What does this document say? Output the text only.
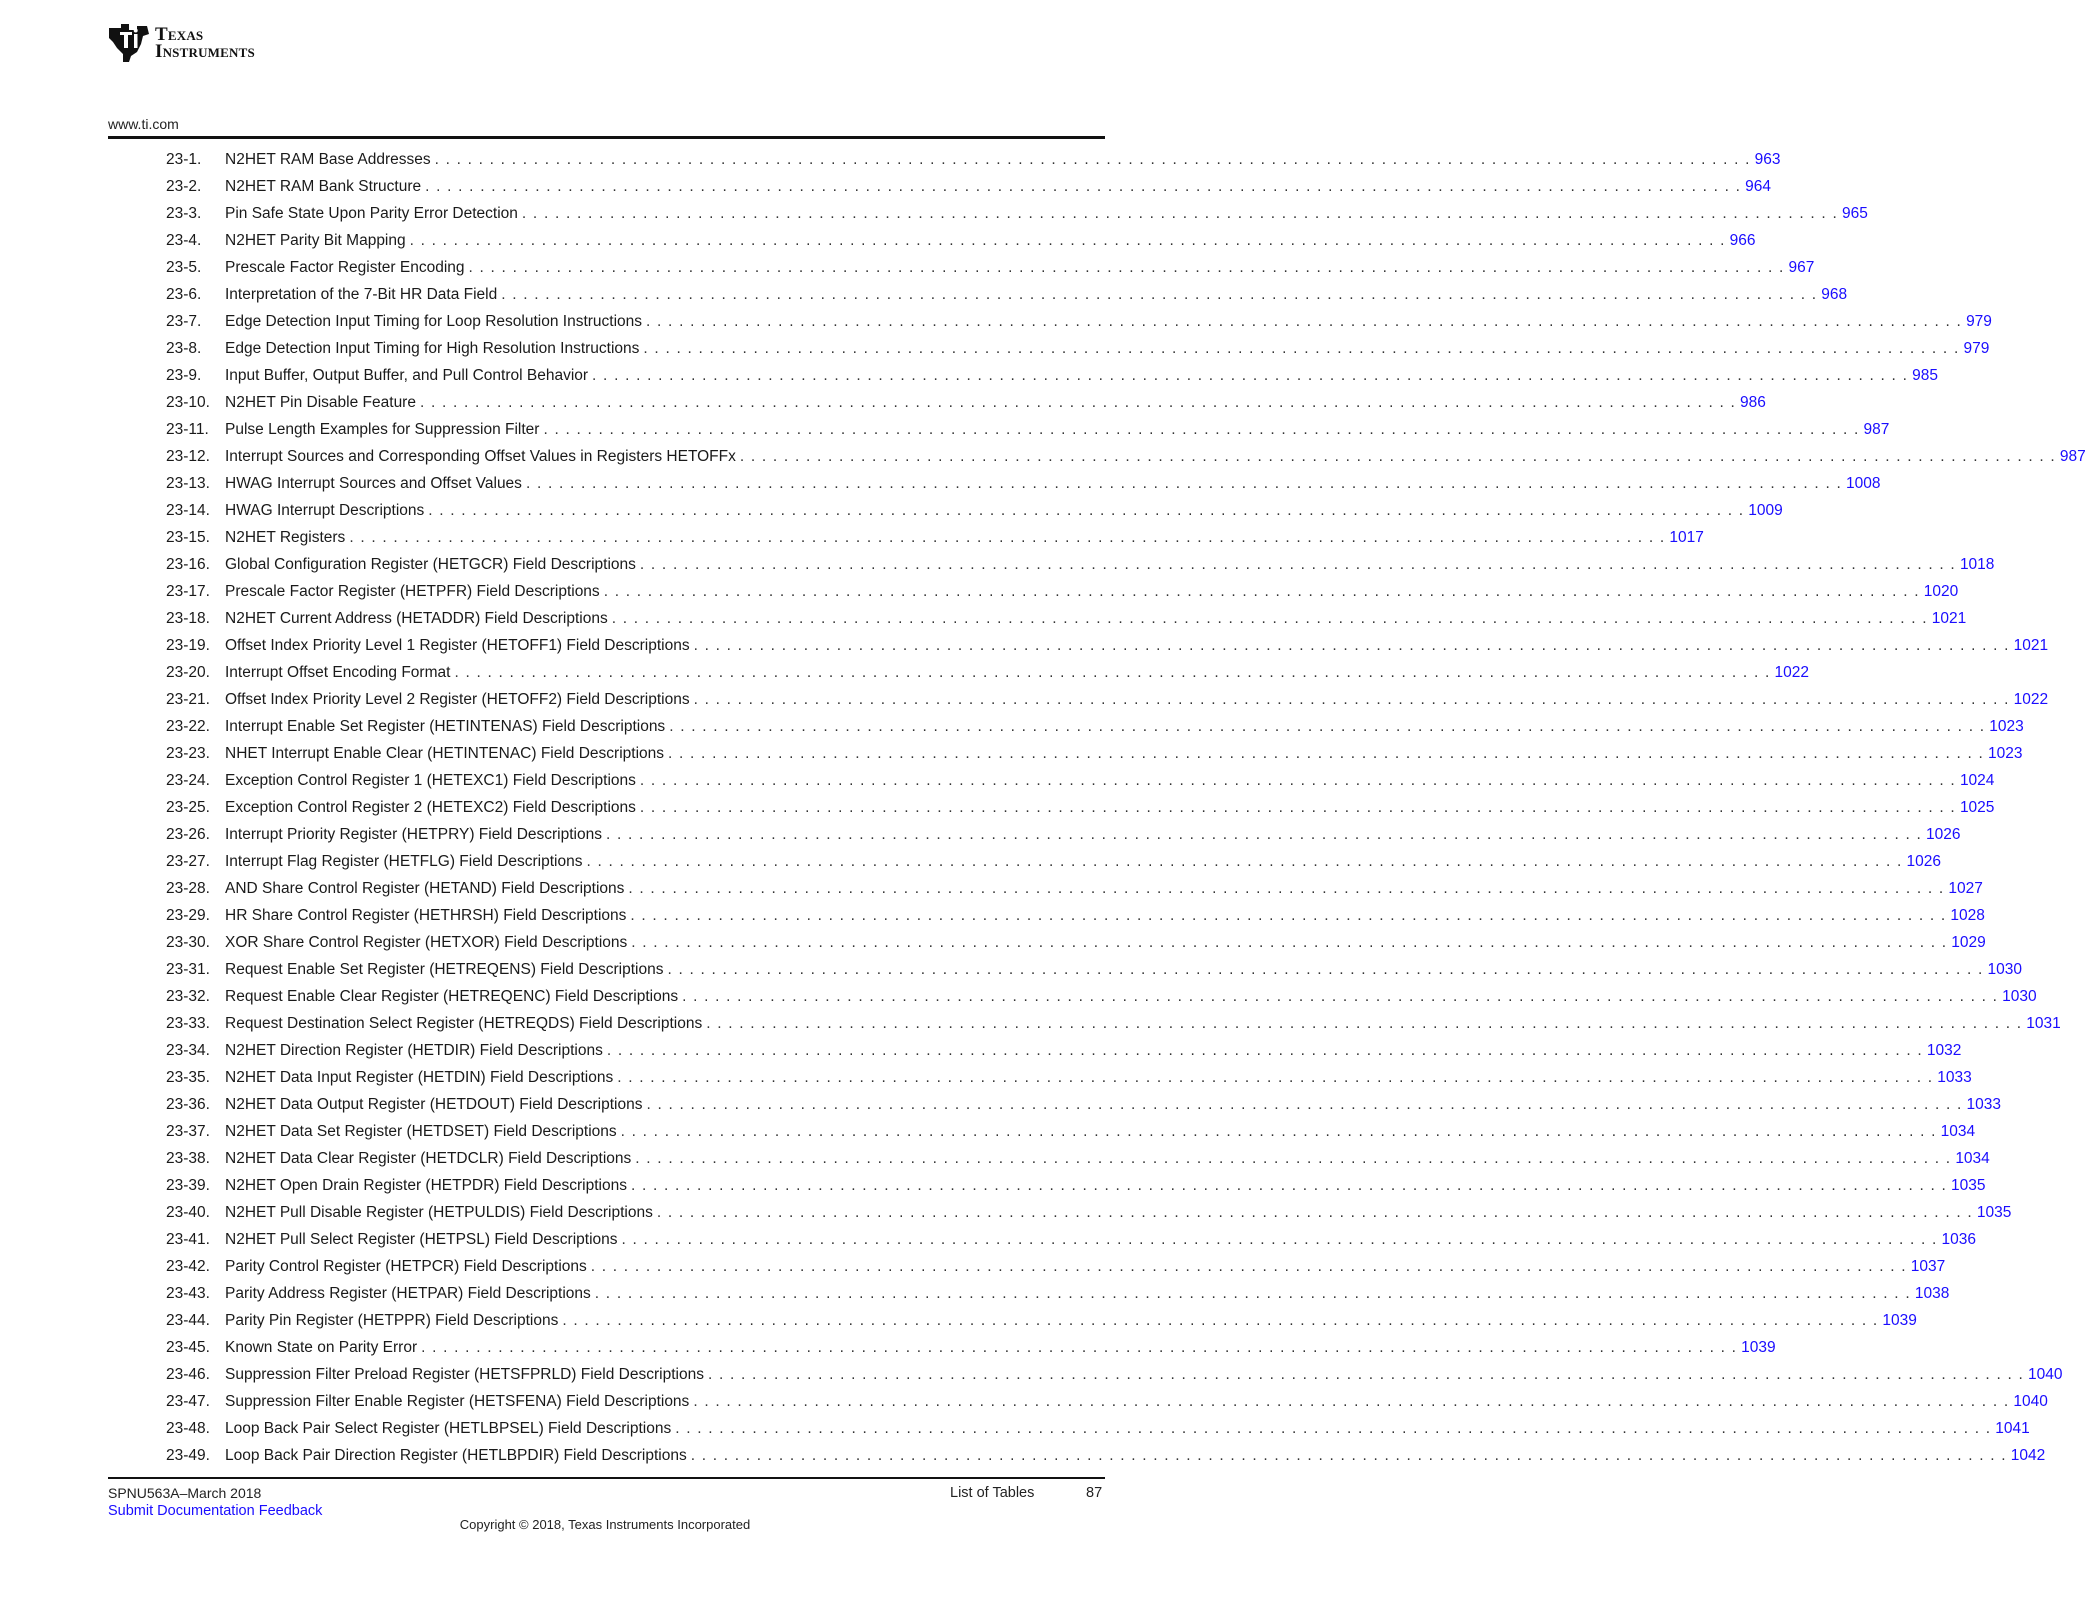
Texas
Instruments
www.ti.com
23-1.	N2HET RAM Base Addresses . . . . . . . . . . . . . . . . . . . . . . . . . . . . . . . . . . . . . . . . . . . . . . . . . . . . . . . . . . . . . . . . . . . . . . . . . . . . . . . . . . . . . . . . . . . . . . . . . . . . . . . . . . . . . . . . . . . . . . . . 963
23-2.	N2HET RAM Bank Structure . . . . . . . . . . . . . . . . . . . . . . . . . . . . . . . . . . . . . . . . . . . . . . . . . . . . . . . . . . . . . . . . . . . . . . . . . . . . . . . . . . . . . . . . . . . . . . . . . . . . . . . . . . . . . . . . . . . . . . . . 964
23-3.	Pin Safe State Upon Parity Error Detection . . . . . . . . . . . . . . . . . . . . . . . . . . . . . . . . . . . . . . . . . . . . . . . . . . . . . . . . . . . . . . . . . . . . . . . . . . . . . . . . . . . . . . . . . . . . . . . . . . . . . . . . . . . . . . . . . . . . . . . . 965
23-4.	N2HET Parity Bit Mapping . . . . . . . . . . . . . . . . . . . . . . . . . . . . . . . . . . . . . . . . . . . . . . . . . . . . . . . . . . . . . . . . . . . . . . . . . . . . . . . . . . . . . . . . . . . . . . . . . . . . . . . . . . . . . . . . . . . . . . . . 966
23-5.	Prescale Factor Register Encoding . . . . . . . . . . . . . . . . . . . . . . . . . . . . . . . . . . . . . . . . . . . . . . . . . . . . . . . . . . . . . . . . . . . . . . . . . . . . . . . . . . . . . . . . . . . . . . . . . . . . . . . . . . . . . . . . . . . . . . . . 967
23-6.	Interpretation of the 7-Bit HR Data Field . . . . . . . . . . . . . . . . . . . . . . . . . . . . . . . . . . . . . . . . . . . . . . . . . . . . . . . . . . . . . . . . . . . . . . . . . . . . . . . . . . . . . . . . . . . . . . . . . . . . . . . . . . . . . . . . . . . . . . . . 968
23-7.	Edge Detection Input Timing for Loop Resolution Instructions . . . . . . . . . . . . . . . . . . . . . . . . . . . . . . . . . . . . . . . . . . . . . . . . . . . . . . . . . . . . . . . . . . . . . . . . . . . . . . . . . . . . . . . . . . . . . . . . . . . . . . . . . . . . . . . . . . . . . . . . 979
23-8.	Edge Detection Input Timing for High Resolution Instructions . . . . . . . . . . . . . . . . . . . . . . . . . . . . . . . . . . . . . . . . . . . . . . . . . . . . . . . . . . . . . . . . . . . . . . . . . . . . . . . . . . . . . . . . . . . . . . . . . . . . . . . . . . . . . . . . . . . . . . . . 979
23-9.	Input Buffer, Output Buffer, and Pull Control Behavior . . . . . . . . . . . . . . . . . . . . . . . . . . . . . . . . . . . . . . . . . . . . . . . . . . . . . . . . . . . . . . . . . . . . . . . . . . . . . . . . . . . . . . . . . . . . . . . . . . . . . . . . . . . . . . . . . . . . . . . . 985
23-10. N2HET Pin Disable Feature . . . . . . . . . . . . . . . . . . . . . . . . . . . . . . . . . . . . . . . . . . . . . . . . . . . . . . . . . . . . . . . . . . . . . . . . . . . . . . . . . . . . . . . . . . . . . . . . . . . . . . . . . . . . . . . . . . . . . . . . 986
23-11.	Pulse Length Examples for Suppression Filter . . . . . . . . . . . . . . . . . . . . . . . . . . . . . . . . . . . . . . . . . . . . . . . . . . . . . . . . . . . . . . . . . . . . . . . . . . . . . . . . . . . . . . . . . . . . . . . . . . . . . . . . . . . . . . . . . . . . . . . . 987
23-12. Interrupt Sources and Corresponding Offset Values in Registers HETOFFx . . . . . . . . . . . . . . . . . . . . . . . . . . . . . . . . . . . . . . . . . . . . . . . . . . . . . . . . . . . . . . . . . . . . . . . . . . . . . . . . . . . . . . . . . . . . . . . . . . . . . . . . . . . . . . . . . . . . . . . . 987
23-13. HWAG Interrupt Sources and Offset Values . . . . . . . . . . . . . . . . . . . . . . . . . . . . . . . . . . . . . . . . . . . . . . . . . . . . . . . . . . . . . . . . . . . . . . . . . . . . . . . . . . . . . . . . . . . . . . . . . . . . . . . . . . . . . . . . . . . . . . . . 1008
23-14. HWAG Interrupt Descriptions . . . . . . . . . . . . . . . . . . . . . . . . . . . . . . . . . . . . . . . . . . . . . . . . . . . . . . . . . . . . . . . . . . . . . . . . . . . . . . . . . . . . . . . . . . . . . . . . . . . . . . . . . . . . . . . . . . . . . . . . 1009
23-15. N2HET Registers . . . . . . . . . . . . . . . . . . . . . . . . . . . . . . . . . . . . . . . . . . . . . . . . . . . . . . . . . . . . . . . . . . . . . . . . . . . . . . . . . . . . . . . . . . . . . . . . . . . . . . . . . . . . . . . . . . . . . . . . 1017
23-16. Global Configuration Register (HETGCR) Field Descriptions . . . . . . . . . . . . . . . . . . . . . . . . . . . . . . . . . . . . . . . . . . . . . . . . . . . . . . . . . . . . . . . . . . . . . . . . . . . . . . . . . . . . . . . . . . . . . . . . . . . . . . . . . . . . . . . . . . . . . . . . 1018
23-17. Prescale Factor Register (HETPFR) Field Descriptions . . . . . . . . . . . . . . . . . . . . . . . . . . . . . . . . . . . . . . . . . . . . . . . . . . . . . . . . . . . . . . . . . . . . . . . . . . . . . . . . . . . . . . . . . . . . . . . . . . . . . . . . . . . . . . . . . . . . . . . . 1020
23-18. N2HET Current Address (HETADDR) Field Descriptions . . . . . . . . . . . . . . . . . . . . . . . . . . . . . . . . . . . . . . . . . . . . . . . . . . . . . . . . . . . . . . . . . . . . . . . . . . . . . . . . . . . . . . . . . . . . . . . . . . . . . . . . . . . . . . . . . . . . . . . . 1021
23-19. Offset Index Priority Level 1 Register (HETOFF1) Field Descriptions . . . . . . . . . . . . . . . . . . . . . . . . . . . . . . . . . . . . . . . . . . . . . . . . . . . . . . . . . . . . . . . . . . . . . . . . . . . . . . . . . . . . . . . . . . . . . . . . . . . . . . . . . . . . . . . . . . . . . . . . 1021
23-20. Interrupt Offset Encoding Format . . . . . . . . . . . . . . . . . . . . . . . . . . . . . . . . . . . . . . . . . . . . . . . . . . . . . . . . . . . . . . . . . . . . . . . . . . . . . . . . . . . . . . . . . . . . . . . . . . . . . . . . . . . . . . . . . . . . . . . . 1022
23-21. Offset Index Priority Level 2 Register (HETOFF2) Field Descriptions . . . . . . . . . . . . . . . . . . . . . . . . . . . . . . . . . . . . . . . . . . . . . . . . . . . . . . . . . . . . . . . . . . . . . . . . . . . . . . . . . . . . . . . . . . . . . . . . . . . . . . . . . . . . . . . . . . . . . . . . 1022
23-22. Interrupt Enable Set Register (HETINTENAS) Field Descriptions . . . . . . . . . . . . . . . . . . . . . . . . . . . . . . . . . . . . . . . . . . . . . . . . . . . . . . . . . . . . . . . . . . . . . . . . . . . . . . . . . . . . . . . . . . . . . . . . . . . . . . . . . . . . . . . . . . . . . . . . 1023
23-23. NHET Interrupt Enable Clear (HETINTENAC) Field Descriptions . . . . . . . . . . . . . . . . . . . . . . . . . . . . . . . . . . . . . . . . . . . . . . . . . . . . . . . . . . . . . . . . . . . . . . . . . . . . . . . . . . . . . . . . . . . . . . . . . . . . . . . . . . . . . . . . . . . . . . . . 1023
23-24. Exception Control Register 1 (HETEXC1) Field Descriptions . . . . . . . . . . . . . . . . . . . . . . . . . . . . . . . . . . . . . . . . . . . . . . . . . . . . . . . . . . . . . . . . . . . . . . . . . . . . . . . . . . . . . . . . . . . . . . . . . . . . . . . . . . . . . . . . . . . . . . . . 1024
23-25. Exception Control Register 2 (HETEXC2) Field Descriptions . . . . . . . . . . . . . . . . . . . . . . . . . . . . . . . . . . . . . . . . . . . . . . . . . . . . . . . . . . . . . . . . . . . . . . . . . . . . . . . . . . . . . . . . . . . . . . . . . . . . . . . . . . . . . . . . . . . . . . . . 1025
23-26. Interrupt Priority Register (HETPRY) Field Descriptions . . . . . . . . . . . . . . . . . . . . . . . . . . . . . . . . . . . . . . . . . . . . . . . . . . . . . . . . . . . . . . . . . . . . . . . . . . . . . . . . . . . . . . . . . . . . . . . . . . . . . . . . . . . . . . . . . . . . . . . . 1026
23-27. Interrupt Flag Register (HETFLG) Field Descriptions . . . . . . . . . . . . . . . . . . . . . . . . . . . . . . . . . . . . . . . . . . . . . . . . . . . . . . . . . . . . . . . . . . . . . . . . . . . . . . . . . . . . . . . . . . . . . . . . . . . . . . . . . . . . . . . . . . . . . . . . 1026
23-28. AND Share Control Register (HETAND) Field Descriptions . . . . . . . . . . . . . . . . . . . . . . . . . . . . . . . . . . . . . . . . . . . . . . . . . . . . . . . . . . . . . . . . . . . . . . . . . . . . . . . . . . . . . . . . . . . . . . . . . . . . . . . . . . . . . . . . . . . . . . . . 1027
23-29. HR Share Control Register (HETHRSH) Field Descriptions . . . . . . . . . . . . . . . . . . . . . . . . . . . . . . . . . . . . . . . . . . . . . . . . . . . . . . . . . . . . . . . . . . . . . . . . . . . . . . . . . . . . . . . . . . . . . . . . . . . . . . . . . . . . . . . . . . . . . . . . 1028
23-30. XOR Share Control Register (HETXOR) Field Descriptions . . . . . . . . . . . . . . . . . . . . . . . . . . . . . . . . . . . . . . . . . . . . . . . . . . . . . . . . . . . . . . . . . . . . . . . . . . . . . . . . . . . . . . . . . . . . . . . . . . . . . . . . . . . . . . . . . . . . . . . . 1029
23-31. Request Enable Set Register (HETREQENS) Field Descriptions . . . . . . . . . . . . . . . . . . . . . . . . . . . . . . . . . . . . . . . . . . . . . . . . . . . . . . . . . . . . . . . . . . . . . . . . . . . . . . . . . . . . . . . . . . . . . . . . . . . . . . . . . . . . . . . . . . . . . . . . 1030
23-32. Request Enable Clear Register (HETREQENC) Field Descriptions . . . . . . . . . . . . . . . . . . . . . . . . . . . . . . . . . . . . . . . . . . . . . . . . . . . . . . . . . . . . . . . . . . . . . . . . . . . . . . . . . . . . . . . . . . . . . . . . . . . . . . . . . . . . . . . . . . . . . . . . 1030
23-33. Request Destination Select Register (HETREQDS) Field Descriptions . . . . . . . . . . . . . . . . . . . . . . . . . . . . . . . . . . . . . . . . . . . . . . . . . . . . . . . . . . . . . . . . . . . . . . . . . . . . . . . . . . . . . . . . . . . . . . . . . . . . . . . . . . . . . . . . . . . . . . . . 1031
23-34. N2HET Direction Register (HETDIR) Field Descriptions . . . . . . . . . . . . . . . . . . . . . . . . . . . . . . . . . . . . . . . . . . . . . . . . . . . . . . . . . . . . . . . . . . . . . . . . . . . . . . . . . . . . . . . . . . . . . . . . . . . . . . . . . . . . . . . . . . . . . . . . 1032
23-35. N2HET Data Input Register (HETDIN) Field Descriptions . . . . . . . . . . . . . . . . . . . . . . . . . . . . . . . . . . . . . . . . . . . . . . . . . . . . . . . . . . . . . . . . . . . . . . . . . . . . . . . . . . . . . . . . . . . . . . . . . . . . . . . . . . . . . . . . . . . . . . . . 1033
23-36. N2HET Data Output Register (HETDOUT) Field Descriptions . . . . . . . . . . . . . . . . . . . . . . . . . . . . . . . . . . . . . . . . . . . . . . . . . . . . . . . . . . . . . . . . . . . . . . . . . . . . . . . . . . . . . . . . . . . . . . . . . . . . . . . . . . . . . . . . . . . . . . . . 1033
23-37. N2HET Data Set Register (HETDSET) Field Descriptions . . . . . . . . . . . . . . . . . . . . . . . . . . . . . . . . . . . . . . . . . . . . . . . . . . . . . . . . . . . . . . . . . . . . . . . . . . . . . . . . . . . . . . . . . . . . . . . . . . . . . . . . . . . . . . . . . . . . . . . . 1034
23-38. N2HET Data Clear Register (HETDCLR) Field Descriptions . . . . . . . . . . . . . . . . . . . . . . . . . . . . . . . . . . . . . . . . . . . . . . . . . . . . . . . . . . . . . . . . . . . . . . . . . . . . . . . . . . . . . . . . . . . . . . . . . . . . . . . . . . . . . . . . . . . . . . . . 1034
23-39. N2HET Open Drain Register (HETPDR) Field Descriptions . . . . . . . . . . . . . . . . . . . . . . . . . . . . . . . . . . . . . . . . . . . . . . . . . . . . . . . . . . . . . . . . . . . . . . . . . . . . . . . . . . . . . . . . . . . . . . . . . . . . . . . . . . . . . . . . . . . . . . . . 1035
23-40. N2HET Pull Disable Register (HETPULDIS) Field Descriptions . . . . . . . . . . . . . . . . . . . . . . . . . . . . . . . . . . . . . . . . . . . . . . . . . . . . . . . . . . . . . . . . . . . . . . . . . . . . . . . . . . . . . . . . . . . . . . . . . . . . . . . . . . . . . . . . . . . . . . . . 1035
23-41. N2HET Pull Select Register (HETPSL) Field Descriptions . . . . . . . . . . . . . . . . . . . . . . . . . . . . . . . . . . . . . . . . . . . . . . . . . . . . . . . . . . . . . . . . . . . . . . . . . . . . . . . . . . . . . . . . . . . . . . . . . . . . . . . . . . . . . . . . . . . . . . . . 1036
23-42. Parity Control Register (HETPCR) Field Descriptions . . . . . . . . . . . . . . . . . . . . . . . . . . . . . . . . . . . . . . . . . . . . . . . . . . . . . . . . . . . . . . . . . . . . . . . . . . . . . . . . . . . . . . . . . . . . . . . . . . . . . . . . . . . . . . . . . . . . . . . . 1037
23-43. Parity Address Register (HETPAR) Field Descriptions . . . . . . . . . . . . . . . . . . . . . . . . . . . . . . . . . . . . . . . . . . . . . . . . . . . . . . . . . . . . . . . . . . . . . . . . . . . . . . . . . . . . . . . . . . . . . . . . . . . . . . . . . . . . . . . . . . . . . . . . 1038
23-44. Parity Pin Register (HETPPR) Field Descriptions . . . . . . . . . . . . . . . . . . . . . . . . . . . . . . . . . . . . . . . . . . . . . . . . . . . . . . . . . . . . . . . . . . . . . . . . . . . . . . . . . . . . . . . . . . . . . . . . . . . . . . . . . . . . . . . . . . . . . . . . 1039
23-45. Known State on Parity Error . . . . . . . . . . . . . . . . . . . . . . . . . . . . . . . . . . . . . . . . . . . . . . . . . . . . . . . . . . . . . . . . . . . . . . . . . . . . . . . . . . . . . . . . . . . . . . . . . . . . . . . . . . . . . . . . . . . . . . . . 1039
23-46. Suppression Filter Preload Register (HETSFPRLD) Field Descriptions . . . . . . . . . . . . . . . . . . . . . . . . . . . . . . . . . . . . . . . . . . . . . . . . . . . . . . . . . . . . . . . . . . . . . . . . . . . . . . . . . . . . . . . . . . . . . . . . . . . . . . . . . . . . . . . . . . . . . . . . 1040
23-47. Suppression Filter Enable Register (HETSFENA) Field Descriptions . . . . . . . . . . . . . . . . . . . . . . . . . . . . . . . . . . . . . . . . . . . . . . . . . . . . . . . . . . . . . . . . . . . . . . . . . . . . . . . . . . . . . . . . . . . . . . . . . . . . . . . . . . . . . . . . . . . . . . . . 1040
23-48. Loop Back Pair Select Register (HETLBPSEL) Field Descriptions . . . . . . . . . . . . . . . . . . . . . . . . . . . . . . . . . . . . . . . . . . . . . . . . . . . . . . . . . . . . . . . . . . . . . . . . . . . . . . . . . . . . . . . . . . . . . . . . . . . . . . . . . . . . . . . . . . . . . . . . 1041
23-49. Loop Back Pair Direction Register (HETLBPDIR) Field Descriptions . . . . . . . . . . . . . . . . . . . . . . . . . . . . . . . . . . . . . . . . . . . . . . . . . . . . . . . . . . . . . . . . . . . . . . . . . . . . . . . . . . . . . . . . . . . . . . . . . . . . . . . . . . . . . . . . . . . . . . . . 1042
SPNU563A–March 2018
Submit Documentation Feedback
List of Tables	87
Copyright © 2018, Texas Instruments Incorporated
